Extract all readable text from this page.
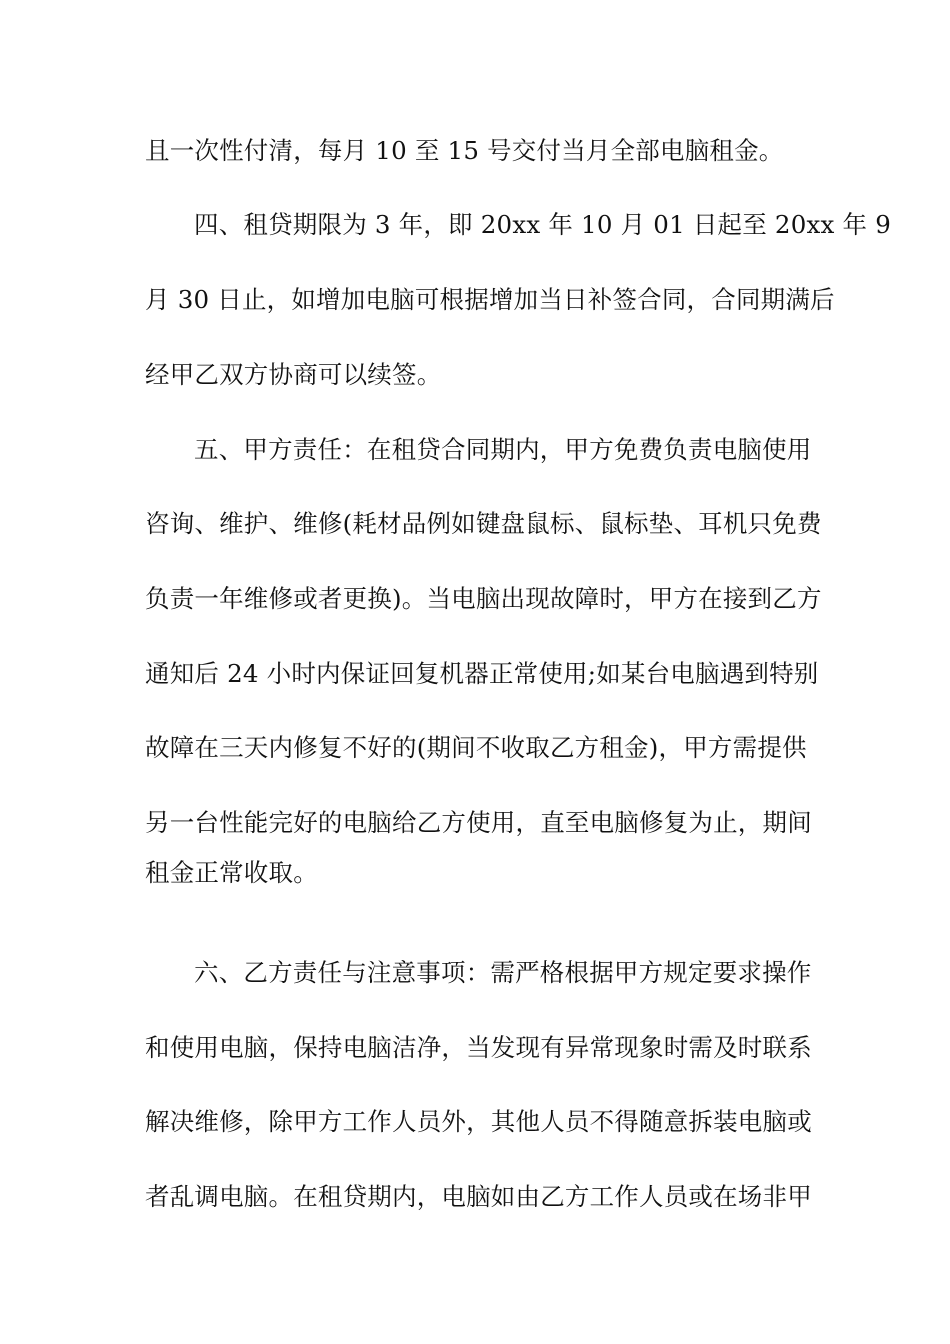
且一次性付清，每月 10 至 15 号交付当月全部电脑租金。
四、租贷期限为 3 年，即 20xx 年 10 月 01 日起至 20xx 年 9
月 30 日止，如增加电脑可根据增加当日补签合同，合同期满后
经甲乙双方协商可以续签。
五、甲方责任：在租贷合同期内，甲方免费负责电脑使用
咨询、维护、维修(耗材品例如键盘鼠标、鼠标垫、耳机只免费
负责一年维修或者更换)。当电脑出现故障时，甲方在接到乙方
通知后 24 小时内保证回复机器正常使用;如某台电脑遇到特别
故障在三天内修复不好的(期间不收取乙方租金)，甲方需提供
另一台性能完好的电脑给乙方使用，直至电脑修复为止，期间
租金正常收取。
六、乙方责任与注意事项：需严格根据甲方规定要求操作
和使用电脑，保持电脑洁净，当发现有异常现象时需及时联系
解决维修，除甲方工作人员外，其他人员不得随意拆装电脑或
者乱调电脑。在租贷期内，电脑如由乙方工作人员或在场非甲
